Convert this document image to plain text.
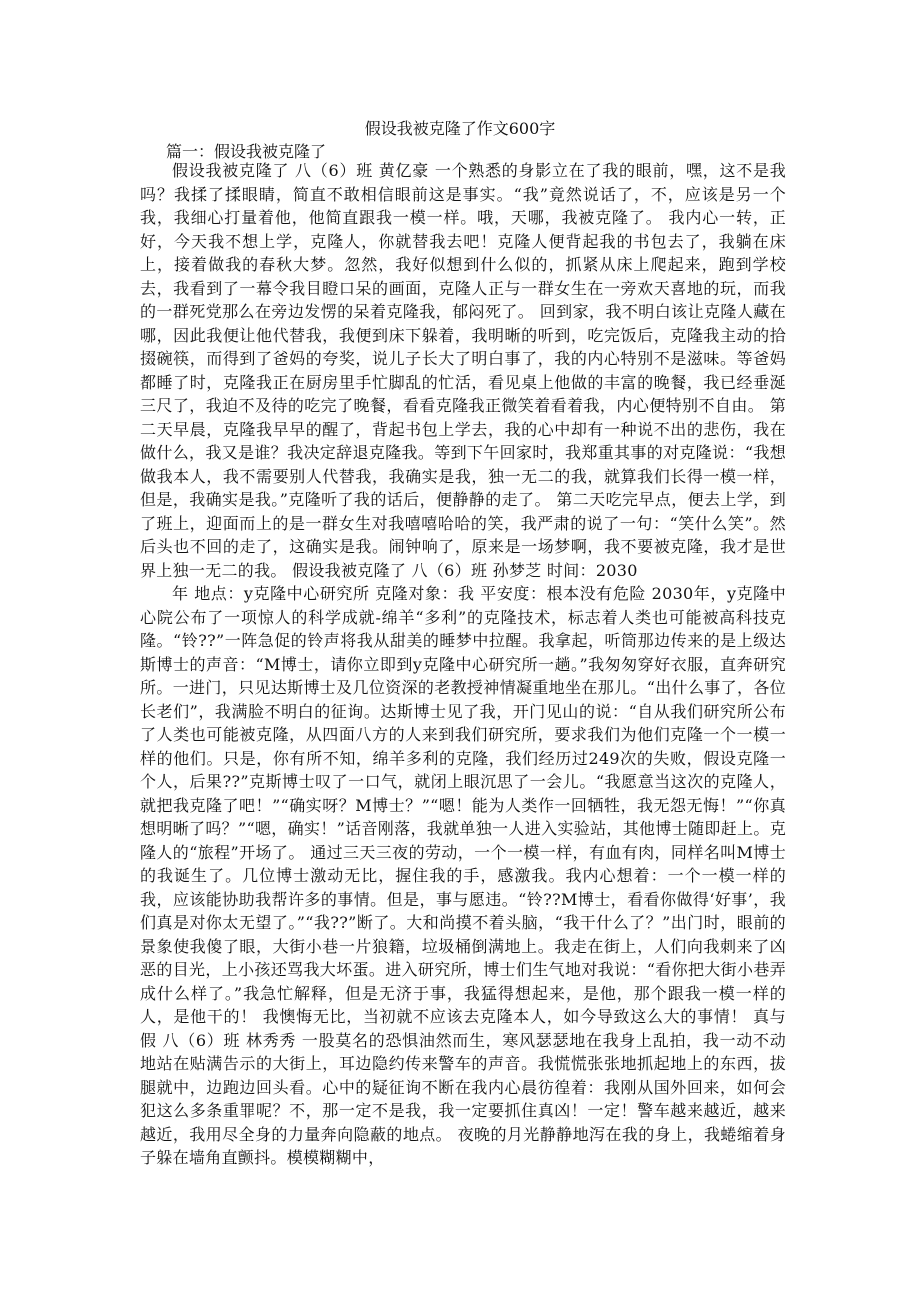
假设我被克隆了作文600字
篇一：假设我被克隆了

假设我被克隆了 八（6）班 黄亿豪 一个熟悉的身影立在了我的眼前，嘿，这不是我吗？我揉了揉眼睛，简直不敢相信眼前这是事实。“我”竟然说话了，不，应该是另一个我，我细心打量着他，他简直跟我一模一样。哦，天哪，我被克隆了。 我内心一转，正好，今天我不想上学，克隆人，你就替我去吧！克隆人便背起我的书包去了，我躺在床上，接着做我的春秋大梦。忽然，我好似想到什么似的，抓紧从床上爬起来，跑到学校去，我看到了一幕令我目瞪口呆的画面，克隆人正与一群女生在一旁欢天喜地的玩，而我的一群死党那么在旁边发愣的呆着克隆我，郁闷死了。 回到家，我不明白该让克隆人藏在哪，因此我便让他代替我，我便到床下躲着，我明晰的听到，吃完饭后，克隆我主动的拾掇碗筷，而得到了爸妈的夸奖，说儿子长大了明白事了，我的内心特别不是滋味。等爸妈都睡了时，克隆我正在厨房里手忙脚乱的忙活，看见桌上他做的丰富的晚餐，我已经垂涎三尺了，我迫不及待的吃完了晚餐，看看克隆我正微笑着看着我，内心便特别不自由。 第二天早晨，克隆我早早的醒了，背起书包上学去，我的心中却有一种说不出的悲伤，我在做什么，我又是谁？我决定辞退克隆我。等到下午回家时，我郑重其事的对克隆说：“我想做我本人，我不需要别人代替我，我确实是我，独一无二的我，就算我们长得一模一样，但是，我确实是我。”克隆听了我的话后，便静静的走了。 第二天吃完早点，便去上学，到了班上，迎面而上的是一群女生对我嘻嘻哈哈的笑，我严肃的说了一句：“笑什么笑”。然后头也不回的走了，这确实是我。闹钟响了，原来是一场梦啊，我不要被克隆，我才是世界上独一无二的我。 假设我被克隆了 八（6）班 孙梦芝 时间：2030

年 地点：y克隆中心研究所 克隆对象：我 平安度：根本没有危险 2030年，y克隆中心院公布了一项惊人的科学成就-绵羊“多利”的克隆技术，标志着人类也可能被高科技克隆。“铃??”一阵急促的铃声将我从甜美的睡梦中拉醒。我拿起，听筒那边传来的是上级达斯博士的声音：“M博士，请你立即到y克隆中心研究所一趟。”我匆匆穿好衣服，直奔研究所。一进门，只见达斯博士及几位资深的老教授神情凝重地坐在那儿。“出什么事了，各位长老们”，我满脸不明白的征询。达斯博士见了我，开门见山的说：“自从我们研究所公布了人类也可能被克隆，从四面八方的人来到我们研究所，要求我们为他们克隆一个一模一样的他们。只是，你有所不知，绵羊多利的克隆，我们经历过249次的失败，假设克隆一个人，后果??”克斯博士叹了一口气，就闭上眼沉思了一会儿。“我愿意当这次的克隆人，就把我克隆了吧！”“确实呀？M博士？”“嗯！能为人类作一回牺牲，我无怨无悔！”“你真想明晰了吗？”“嗯，确实！”话音刚落，我就单独一人进入实验站，其他博士随即赶上。克隆人的“旅程”开场了。 通过三天三夜的劳动，一个一模一样，有血有肉，同样名叫M博士的我诞生了。几位博士激动无比，握住我的手，感激我。我内心想着：一个一模一样的我，应该能协助我帮许多的事情。但是，事与愿违。“铃??M博士，看看你做得‘好事’，我们真是对你太无望了。”“我??”断了。大和尚摸不着头脑，“我干什么了？”出门时，眼前的景象使我傻了眼，大街小巷一片狼籍，垃圾桶倒满地上。我走在街上，人们向我刺来了凶恶的目光，上小孩还骂我大坏蛋。进入研究所，博士们生气地对我说：“看你把大街小巷弄成什么样了。”我急忙解释，但是无济于事，我猛得想起来，是他，那个跟我一模一样的人，是他干的！ 我懊悔无比，当初就不应该去克隆本人，如今导致这么大的事情！ 真与假 八（6）班 林秀秀 一股莫名的恐惧油然而生，寒风瑟瑟地在我身上乱拍，我一动不动地站在贴满告示的大街上，耳边隐约传来警车的声音。我慌慌张张地抓起地上的东西，拔腿就中，边跑边回头看。心中的疑征询不断在我内心晨彷徨着：我刚从国外回来，如何会犯这么多条重罪呢？不，那一定不是我，我一定要抓住真凶！一定！警车越来越近，越来越近，我用尽全身的力量奔向隐蔽的地点。 夜晚的月光静静地泻在我的身上，我蜷缩着身子躲在墙角直颤抖。模模糊糊中，
